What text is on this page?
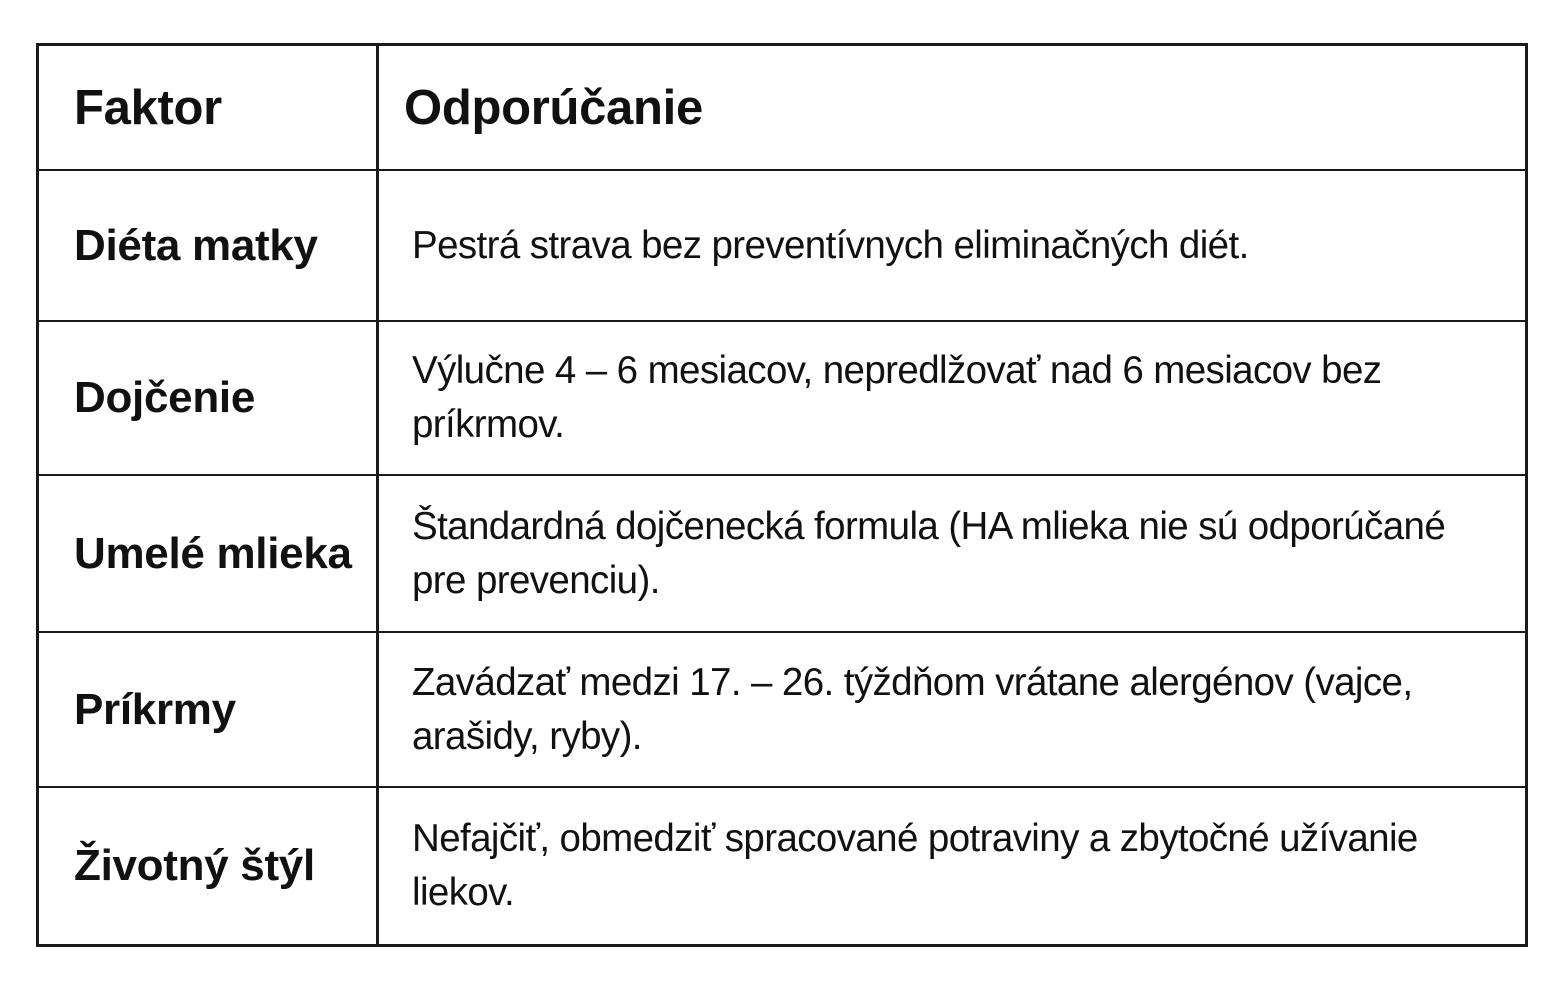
Faktor	Odporúčanie
Diéta matky	Pestrá strava bez preventívnych eliminačných diét.
Dojčenie
Výlučne 4 – 6 mesiacov, nepredlžovať nad 6 mesiacov bez príkrmov.
Umelé mlieka
Štandardná dojčenecká formula (HA mlieka nie sú odporúčané pre prevenciu).
Príkrmy
Zavádzať medzi 17. – 26. týždňom vrátane alergénov (vajce, arašidy, ryby).
Životný štýl
Nefajčiť, obmedziť spracované potraviny a zbytočné užívanie liekov.
